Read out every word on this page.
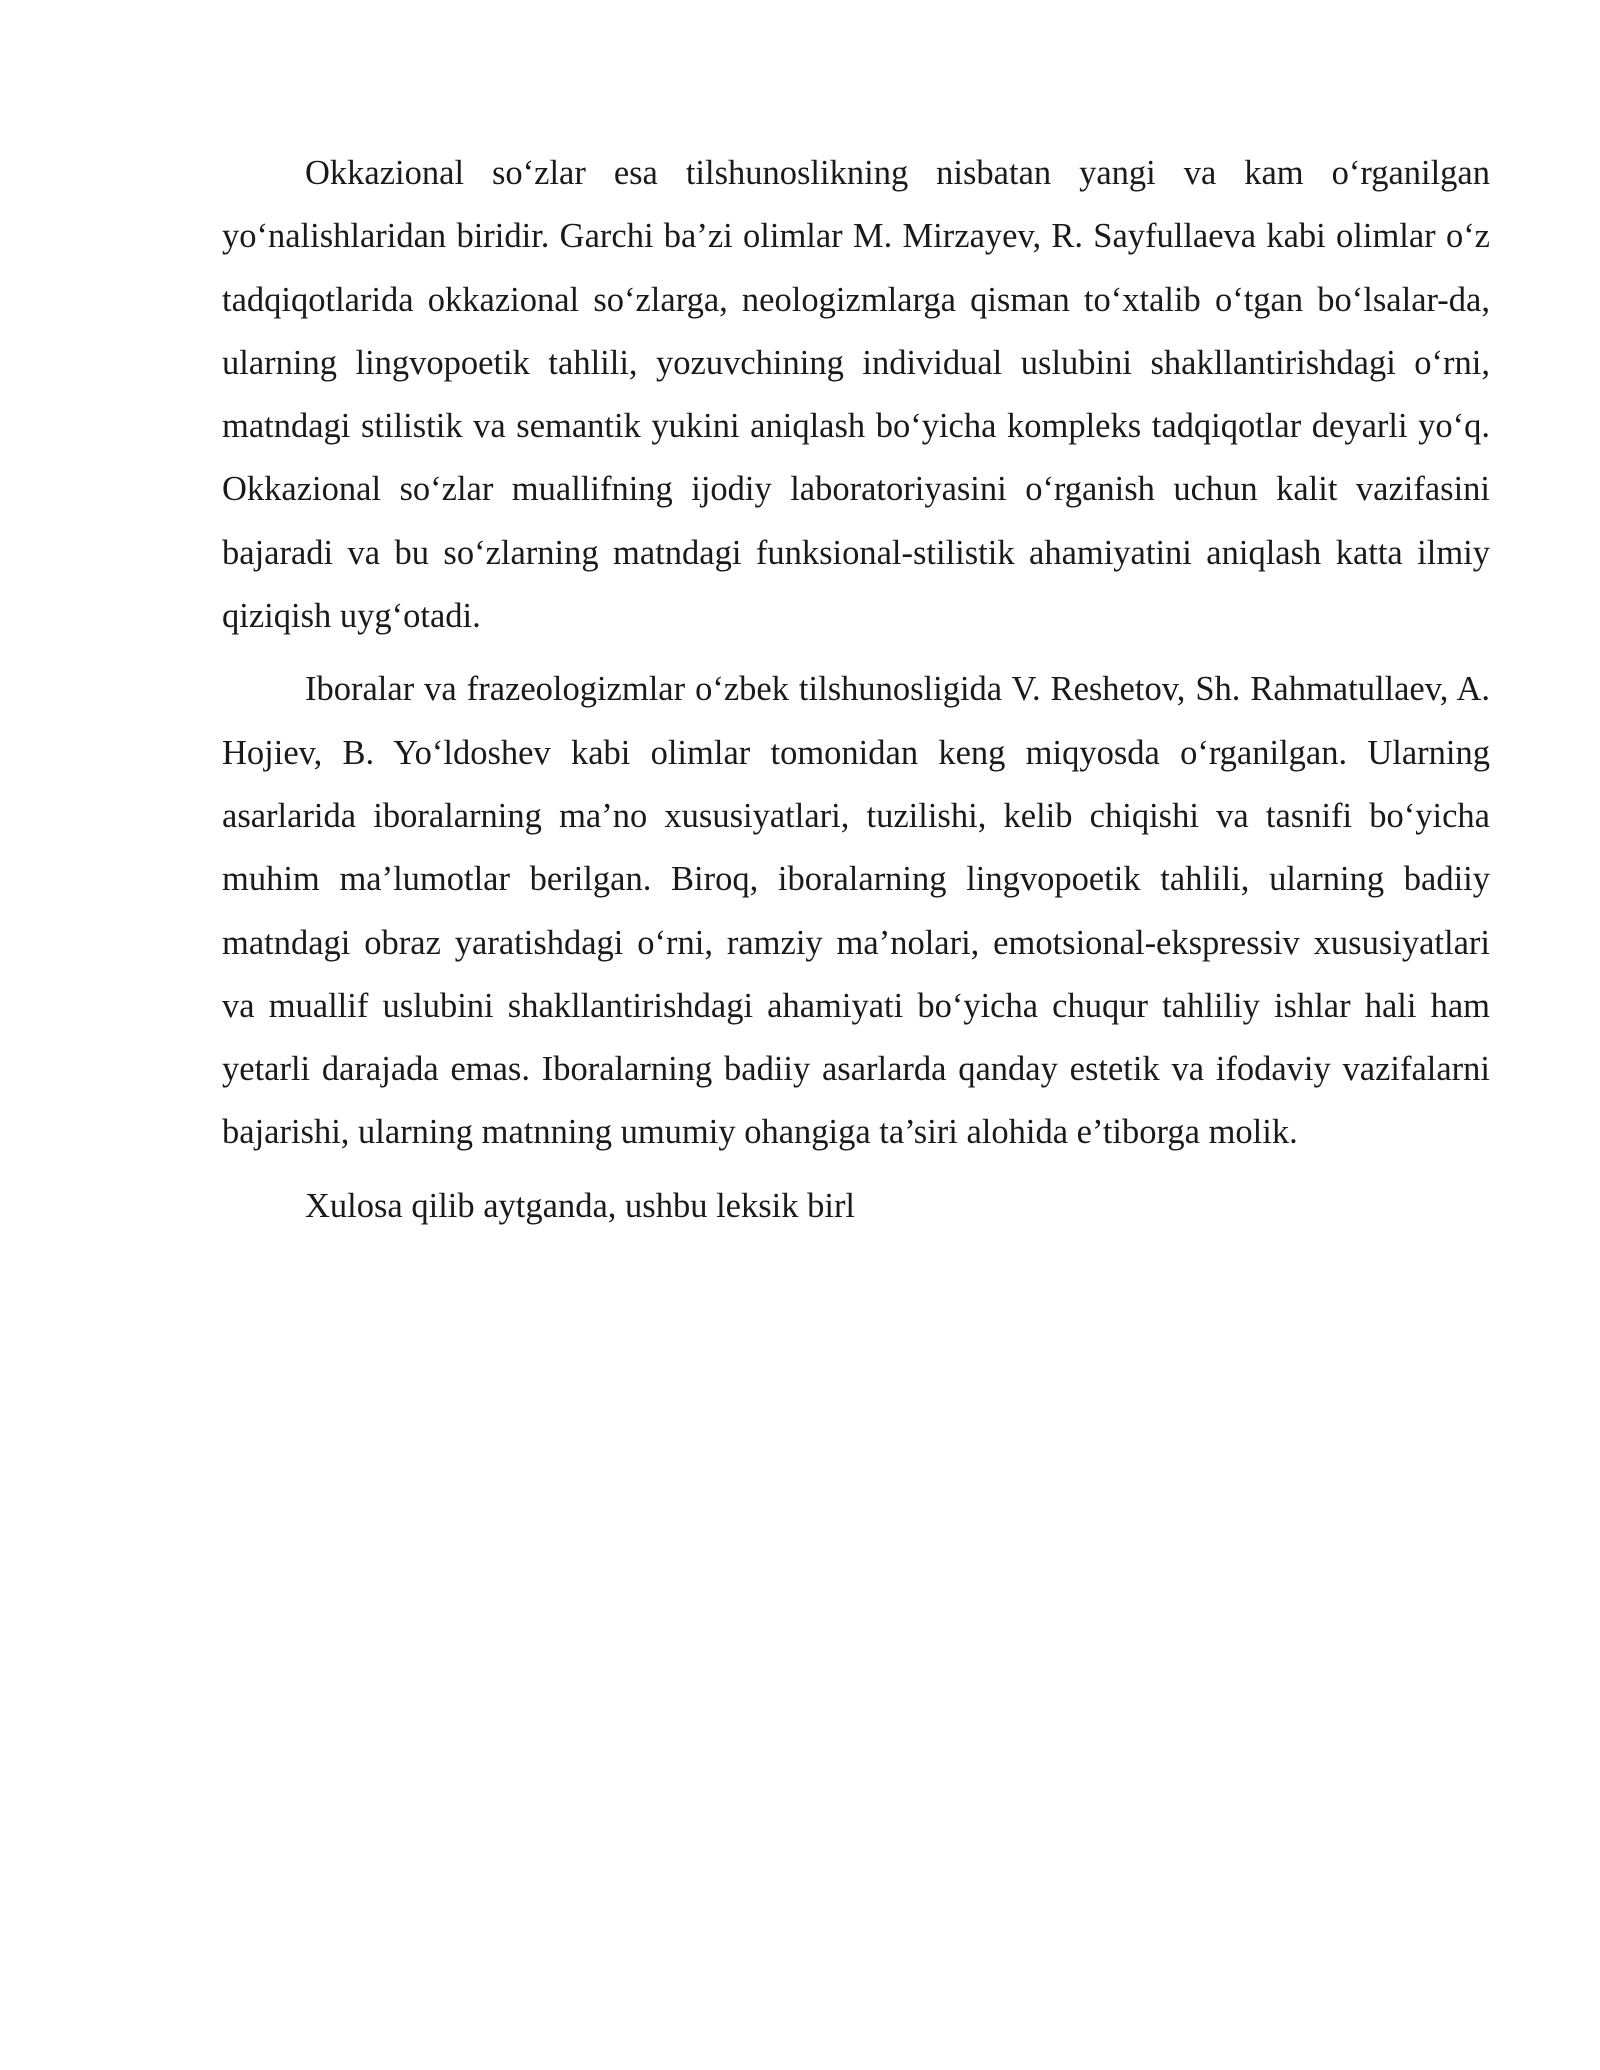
Okkazional so‘zlar esa tilshunoslikning nisbatan yangi va kam o‘rganilgan yo‘nalishlaridan biridir. Garchi ba’zi olimlar M. Mirzayev, R. Sayfullaeva kabi olimlar o‘z tadqiqotlarida okkazional so‘zlarga, neologizmlarga qisman to‘xtalib o‘tgan bo‘lsalar-da, ularning lingvopoetik tahlili, yozuvchining individual uslubini shakllantirishdagi o‘rni, matndagi stilistik va semantik yukini aniqlash bo‘yicha kompleks tadqiqotlar deyarli yo‘q. Okkazional so‘zlar muallifning ijodiy laboratoriyasini o‘rganish uchun kalit vazifasini bajaradi va bu so‘zlarning matndagi funksional-stilistik ahamiyatini aniqlash katta ilmiy qiziqish uyg‘otadi.

Iboralar va frazeologizmlar o‘zbek tilshunosligida V. Reshetov, Sh. Rahmatullaev, A. Hojiev, B. Yo‘ldoshev kabi olimlar tomonidan keng miqyosda o‘rganilgan. Ularning asarlarida iboralarning ma’no xususiyatlari, tuzilishi, kelib chiqishi va tasnifi bo‘yicha muhim ma’lumotlar berilgan. Biroq, iboralarning lingvopoetik tahlili, ularning badiiy matndagi obraz yaratishdagi o‘rni, ramziy ma’nolari, emotsional-ekspressiv xususiyatlari va muallif uslubini shakllantirishdagi ahamiyati bo‘yicha chuqur tahliliy ishlar hali ham yetarli darajada emas. Iboralarning badiiy asarlarda qanday estetik va ifodaviy vazifalarni bajarishi, ularning matnning umumiy ohangiga ta’siri alohida e’tiborga molik.

Xulosa qilib aytganda, ushbu leksik birl
